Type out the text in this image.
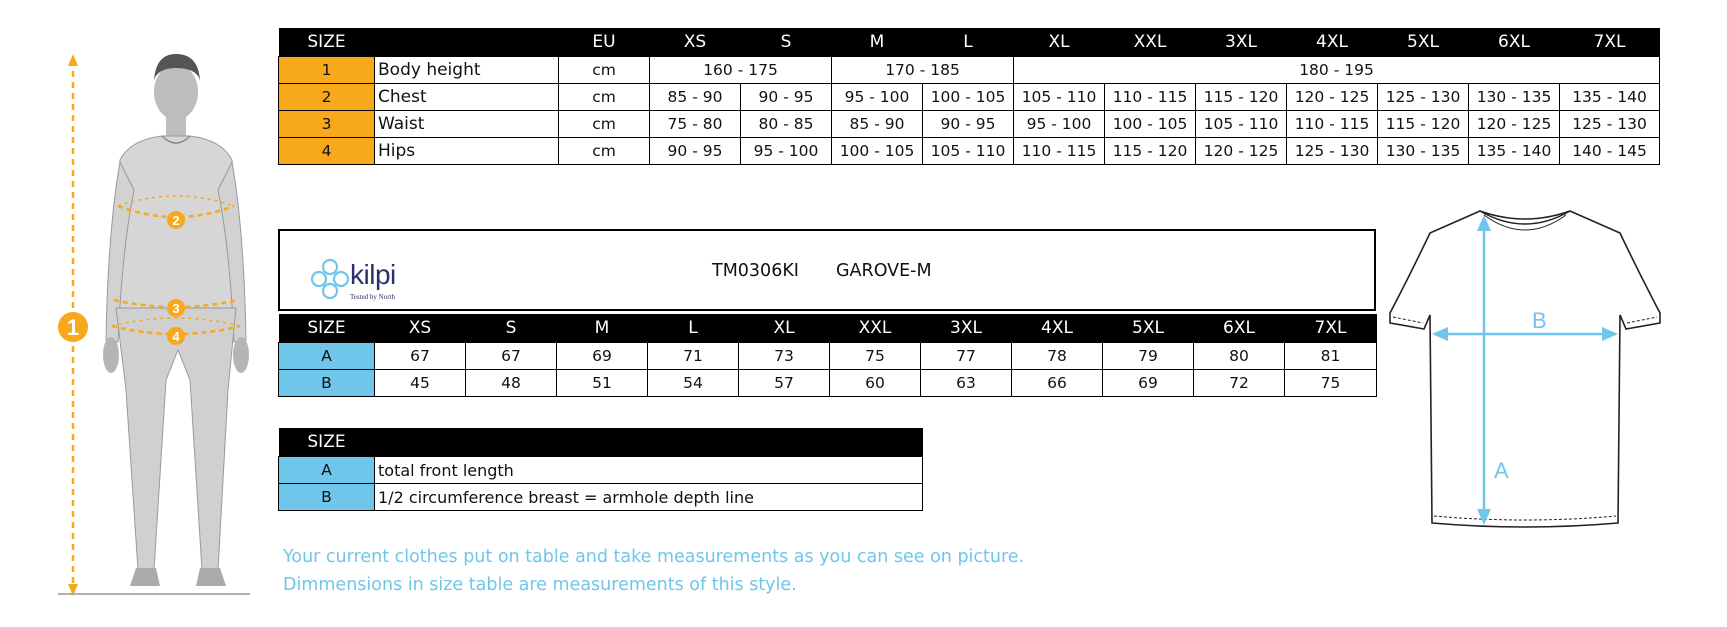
1
2
3
4
SIZE		EU	XS	S	M	L	XL	XXL	3XL	4XL	5XL	6XL	7XL
1	Body height	cm	160 - 175		170 - 185		180 - 195						
2	Chest	cm	85 - 90	90 - 95	95 - 100	100 - 105	105 - 110	110 - 115	115 - 120	120 - 125	125 - 130	130 - 135	135 - 140
3	Waist	cm	75 - 80	80 - 85	85 - 90	90 - 95	95 - 100	100 - 105	105 - 110	110 - 115	115 - 120	120 - 125	125 - 130
4	Hips	cm	90 - 95	95 - 100	100 - 105	105 - 110	110 - 115	115 - 120	120 - 125	125 - 130	130 - 135	135 - 140	140 - 145
kilpi
Tested by North
TM0306KI GAROVE-M
SIZE	XS	S	M	L	XL	XXL	3XL	4XL	5XL	6XL	7XL
A	67	67	69	71	73	75	77	78	79	80	81
B	45	48	51	54	57	60	63	66	69	72	75
SIZE	
A	total front length
B	1/2 circumference breast = armhole depth line
Your current clothes put on table and take measurements as you can see on picture.
Dimmensions in size table are measurements of this style.
A
B
